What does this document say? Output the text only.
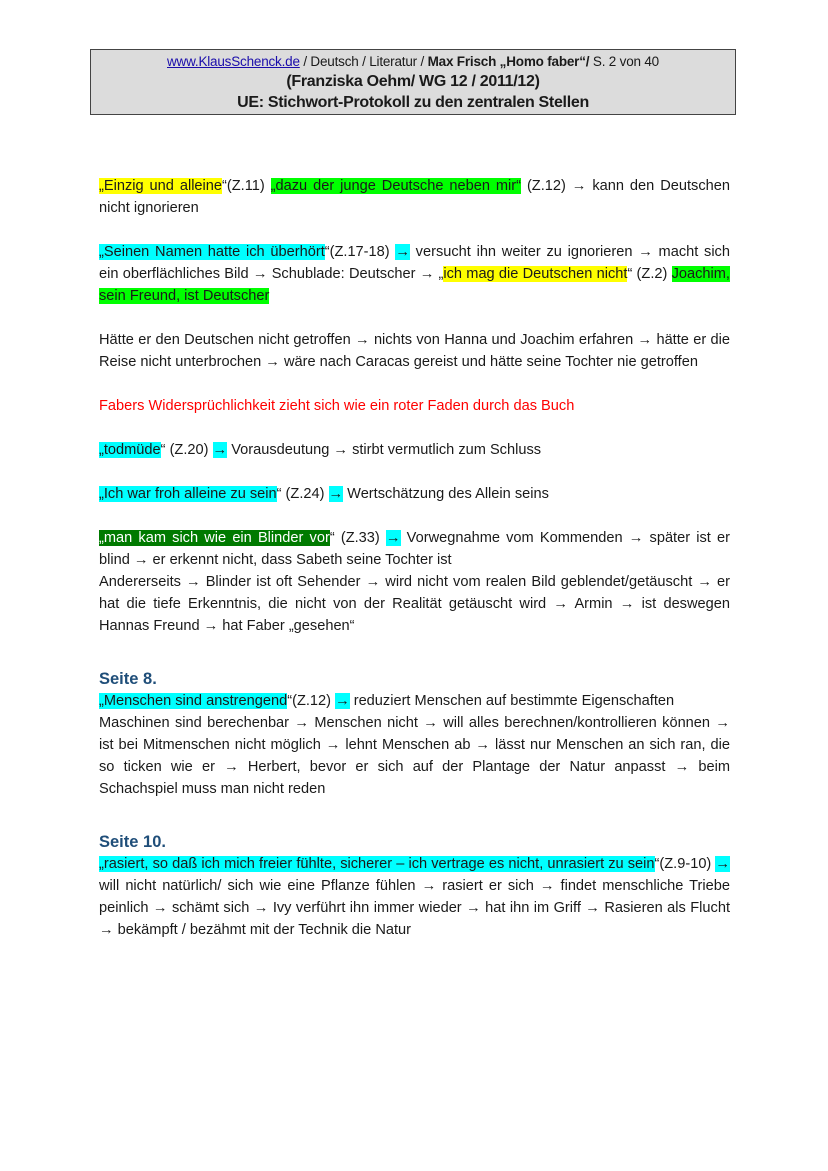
www.KlausSchenck.de / Deutsch / Literatur / Max Frisch „Homo faber“/ S. 2 von 40
(Franziska Oehm/ WG 12 / 2011/12)
UE: Stichwort-Protokoll zu den zentralen Stellen

„Einzig und alleine“(Z.11) „dazu der junge Deutsche neben mir“ (Z.12) → kann den Deutschen nicht ignorieren

„Seinen Namen hatte ich überhört“(Z.17-18) → versucht ihn weiter zu ignorieren → macht sich ein oberflächliches Bild → Schublade: Deutscher → „ich mag die Deutschen nicht“ (Z.2) Joachim, sein Freund, ist Deutscher

Hätte er den Deutschen nicht getroffen → nichts von Hanna und Joachim erfahren → hätte er die Reise nicht unterbrochen → wäre nach Caracas gereist und hätte seine Tochter nie getroffen

Fabers Widersprüchlichkeit zieht sich wie ein roter Faden durch das Buch

„todmüde“ (Z.20) → Vorausdeutung → stirbt vermutlich zum Schluss

„Ich war froh alleine zu sein“ (Z.24) → Wertschätzung des Allein seins

„man kam sich wie ein Blinder vor“ (Z.33) → Vorwegnahme vom Kommenden → später ist er blind → er erkennt nicht, dass Sabeth seine Tochter ist

Andererseits → Blinder ist oft Sehender → wird nicht vom realen Bild geblendet/getäuscht → er hat die tiefe Erkenntnis, die nicht von der Realität getäuscht wird → Armin → ist deswegen Hannas Freund → hat Faber „gesehen“

Seite 8.

„Menschen sind anstrengend“(Z.12) → reduziert Menschen auf bestimmte Eigenschaften

Maschinen sind berechenbar → Menschen nicht → will alles berechnen/kontrollieren können → ist bei Mitmenschen nicht möglich → lehnt Menschen ab → lässt nur Menschen an sich ran, die so ticken wie er → Herbert, bevor er sich auf der Plantage der Natur anpasst → beim Schachspiel muss man nicht reden

Seite 10.

„rasiert, so daß ich mich freier fühlte, sicherer – ich vertrage es nicht, unrasiert zu sein“(Z.9-10) → will nicht natürlich/ sich wie eine Pflanze fühlen → rasiert er sich → findet menschliche Triebe peinlich → schämt sich → Ivy verführt ihn immer wieder → hat ihn im Griff → Rasieren als Flucht → bekämpft / bezähmt mit der Technik die Natur
